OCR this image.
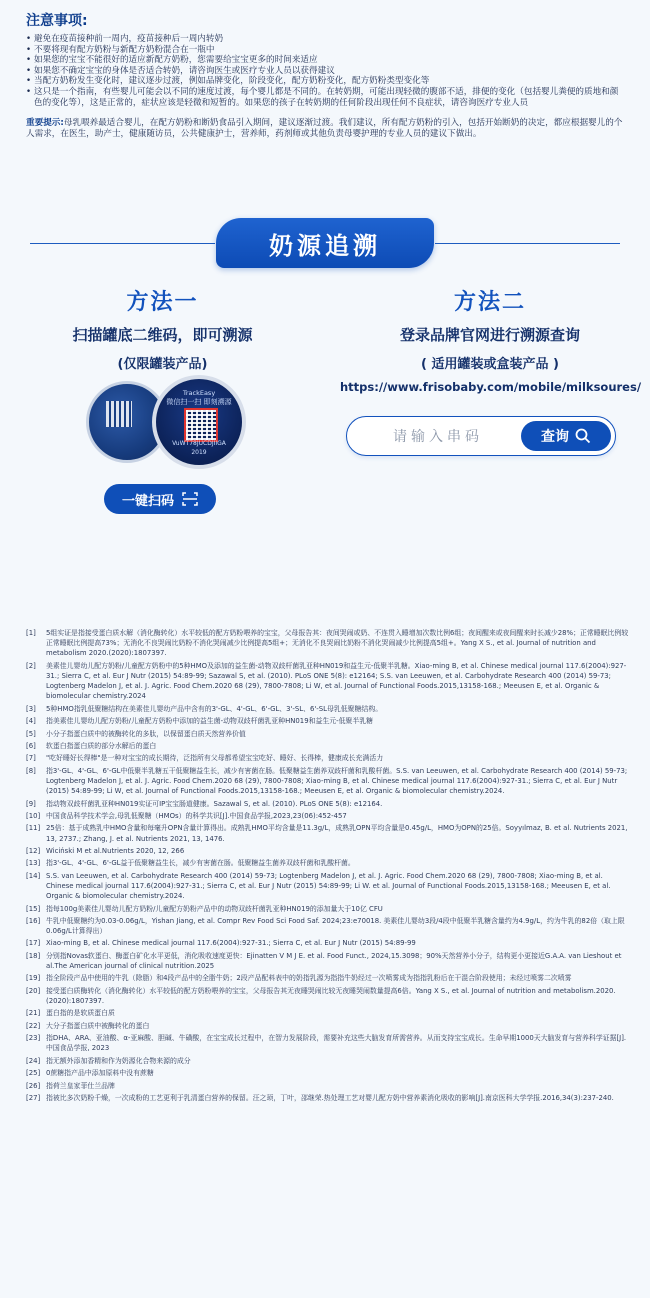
注意事项:
• 避免在疫苗接种前一周内，疫苗接种后一周内转奶
• 不要将现有配方奶粉与新配方奶粉混合在一瓶中
• 如果您的宝宝不能很好的适应新配方奶粉，您需要给宝宝更多的时间来适应
• 如果您不确定宝宝的身体是否适合转奶，请咨询医生或医疗专业人员以获得建议
• 当配方奶粉发生变化时，建议逐步过渡，例如品牌变化，阶段变化，配方奶粉变化，配方奶粉类型变化等
• 这只是一个指南，有些婴儿可能会以不同的速度过渡，每个婴儿都是不同的。在转奶期，可能出现轻微的腹部不适，排便的变化（包括婴儿粪便的质地和颜色的变化等），这是正常的，症状应该是轻微和短暂的。如果您的孩子在转奶期的任何阶段出现任何不良症状，请咨询医疗专业人员

重要提示:母乳喂养最适合婴儿，在配方奶粉和断奶食品引入期间，建议逐渐过渡。我们建议，所有配方奶粉的引入，包括开始断奶的决定，都应根据婴儿的个人需求，在医生，助产士，健康随访员，公共健康护士，营养师，药剂师或其他负责母婴护理的专业人员的建议下做出。

奶源追溯
方法一
扫描罐底二维码，即可溯源
(仅限罐装产品)
TrackEasy
微信扫一扫 即刻溯源
VuWT78JUCDJIIGA
2019
一键扫码
方法二
登录品牌官网进行溯源查询
( 适用罐装或盒装产品 )
https://www.frisobaby.com/mobile/milksoures/
请输入串码
查询
[1]	5组实证是指接受蛋白质水解（消化酶转化）水平较低的配方奶粉喂养的宝宝，父母报告其：夜间哭闹或奶、不连贯入睡增加次数比例6组；夜间醒来或夜间醒来时长减少28%；正常睡眠比例较正常睡眠比例提高73%；无消化不良哭闹比奶粉不消化哭闹减少比例提高5组+；无消化不良哭闹比奶粉不消化哭闹减少比例提高5组+。Yang X S., et al. Journal of nutrition and metabolism 2020.(2020):1807397.
[2]	美素佳儿婴幼儿配方奶粉/儿童配方奶粉中的5种HMO及添加的益生菌-动物双歧杆菌乳亚种HN019和益生元-低聚半乳糖。Xiao-ming B, et al. Chinese medical journal 117.6(2004):927-31.; Sierra C, et al. Eur J Nutr (2015) 54:89-99; Sazawal S, et al. (2010). PLoS ONE 5(8): e12164; S.S. van Leeuwen, et al. Carbohydrate Research 400 (2014) 59-73; Logtenberg Madelon J, et al. J. Agric. Food Chem.2020 68 (29), 7800-7808; Li W, et al. Journal of Functional Foods.2015,13158-168.; Meeusen E, et al. Organic & biomolecular chemistry.2024
[3]	5种HMO指乳低聚糖结构在美素佳儿婴幼产品中含有的3'-GL、4'-GL、6'-GL、3'-SL、6'-SL母乳低聚糖结构。
[4]	指美素佳儿婴幼儿配方奶粉/儿童配方奶粉中添加的益生菌-动物双歧杆菌乳亚种HN019和益生元-低聚半乳糖
[5]	小分子指蛋白质中的被酶转化的多肽，以保留蛋白质天然营养价值
[6]	软蛋白指蛋白质的部分水解后的蛋白
[7]	"吃好睡好长得棒"是一种对宝宝的成长期待，泛指所有父母都希望宝宝吃好、睡好、长得棒，健康成长充满活力
[8]	指3'-GL、4'-GL、6'-GL中低聚半乳糖五干低聚糖益生长，减少有害菌在肠。低聚糖益生菌养双歧杆菌和乳酸杆菌。S.S. van Leeuwen, et al. Carbohydrate Research 400 (2014) 59-73; Logtenberg Madelon J, et al. J. Agric. Food Chem.2020 68 (29), 7800-7808; Xiao-ming B, et al. Chinese medical journal 117.6(2004):927-31.; Sierra C, et al. Eur J Nutr (2015) 54:89-99; Li W, et al. Journal of Functional Foods.2015,13158-168.; Meeusen E, et al. Organic & biomolecular chemistry.2024.
[9]	指动物双歧杆菌乳亚种HN019实证可IP宝宝肠道健康。Sazawal S, et al. (2010). PLoS ONE 5(8): e12164.
[10] 中国食品科学技术学会,母乳低聚糖（HMOs）的科学共识[J].中国食品学报,2023,23(06):452-457
[11] 25倍：基于成熟乳中HMO含量和每毫升OPN含量计算得出。成熟乳HMO平均含量是11.3g/L，成熟乳OPN平均含量是0.45g/L，HMO为OPN的25倍。Soyyılmaz, B. et al. Nutrients 2021, 13, 2737.; Zhang, J. et al. Nutrients 2021, 13, 1476.
[12] Wiciński M et al.Nutrients 2020, 12, 266
[13] 指3'-GL、4'-GL、6'-GL益于低聚糖益生长，减少有害菌在肠。低聚糖益生菌养双歧杆菌和乳酸杆菌。
[14] S.S. van Leeuwen, et al. Carbohydrate Research 400 (2014) 59-73; Logtenberg Madelon J, et al. J. Agric. Food Chem.2020 68 (29), 7800-7808; Xiao-ming B, et al. Chinese medical journal 117.6(2004):927-31.; Sierra C, et al. Eur J Nutr (2015) 54:89-99; Li W. et al. Journal of Functional Foods.2015,13158-168.; Meeusen E, et al. Organic & biomolecular chemistry.2024.
[15] 指每100g美素佳儿婴幼儿配方奶粉/儿童配方奶粉产品中的动物双歧杆菌乳亚种HN019的添加量大于10亿 CFU
[16] 牛乳中低聚糖约为0.03-0.06g/L，Yishan Jiang, et al. Compr Rev Food Sci Food Saf. 2024;23:e70018. 美素佳儿婴幼3段/4段中低聚半乳糖含量约为4.9g/L，约为牛乳的82倍（取上限0.06g/L计算得出）
[17] Xiao-ming B, et al. Chinese medical journal 117.6(2004):927-31.; Sierra C, et al. Eur J Nutr (2015) 54:89-99
[18] 分别指Novas软蛋白、酶蛋白矿化水平更低，消化吸收速度更快：Ejinatten V M J E. et al. Food Funct., 2024,15.3098；90%天然营养小分子，结构更小更接近G.A.A. van Lieshout et al.The American journal of clinical nutrition.2025
[19] 指全阶段产品中使用的牛乳（除脂）和4段产品中的全脂牛奶；2段产品配料表中的奶指乳源为指指牛奶经过一次喷雾成为指指乳粉后在干混合阶段使用；未经过喷雾二次喷雾
[20] 接受蛋白质酶转化（消化酶转化）水平较低的配方奶粉喂养的宝宝，父母报告其无夜睡哭闹比较无夜睡哭闹数量提高6倍。Yang X S., et al. Journal of nutrition and metabolism.2020.(2020):1807397.
[21] 蛋白指的是软质蛋白质
[22] 大分子指蛋白质中被酶转化的蛋白
[23] 指DHA、ARA、亚油酸、α-亚麻酸、胆碱、牛磺酸，在宝宝成长过程中，在智力发展阶段，需要补充这些大脑发育所需营养。从而支持宝宝成长。生命早期1000天大脑发育与营养科学证据[J].中国食品学报, 2023
[24] 指无额外添加香精和作为奶源化合物来源的成分
[25] 0蔗糖指产品中添加原料中没有蔗糖
[26] 指荷兰皇家菲仕兰品牌
[27] 指被比多次奶粉千燥，一次成粉的工艺更利于乳清蛋白营养的保留。汪之顼，丁叶，邵继荣.热处理工艺对婴儿配方奶中营养素消化吸收的影响[J].南京医科大学学报.2016,34(3):237-240.
